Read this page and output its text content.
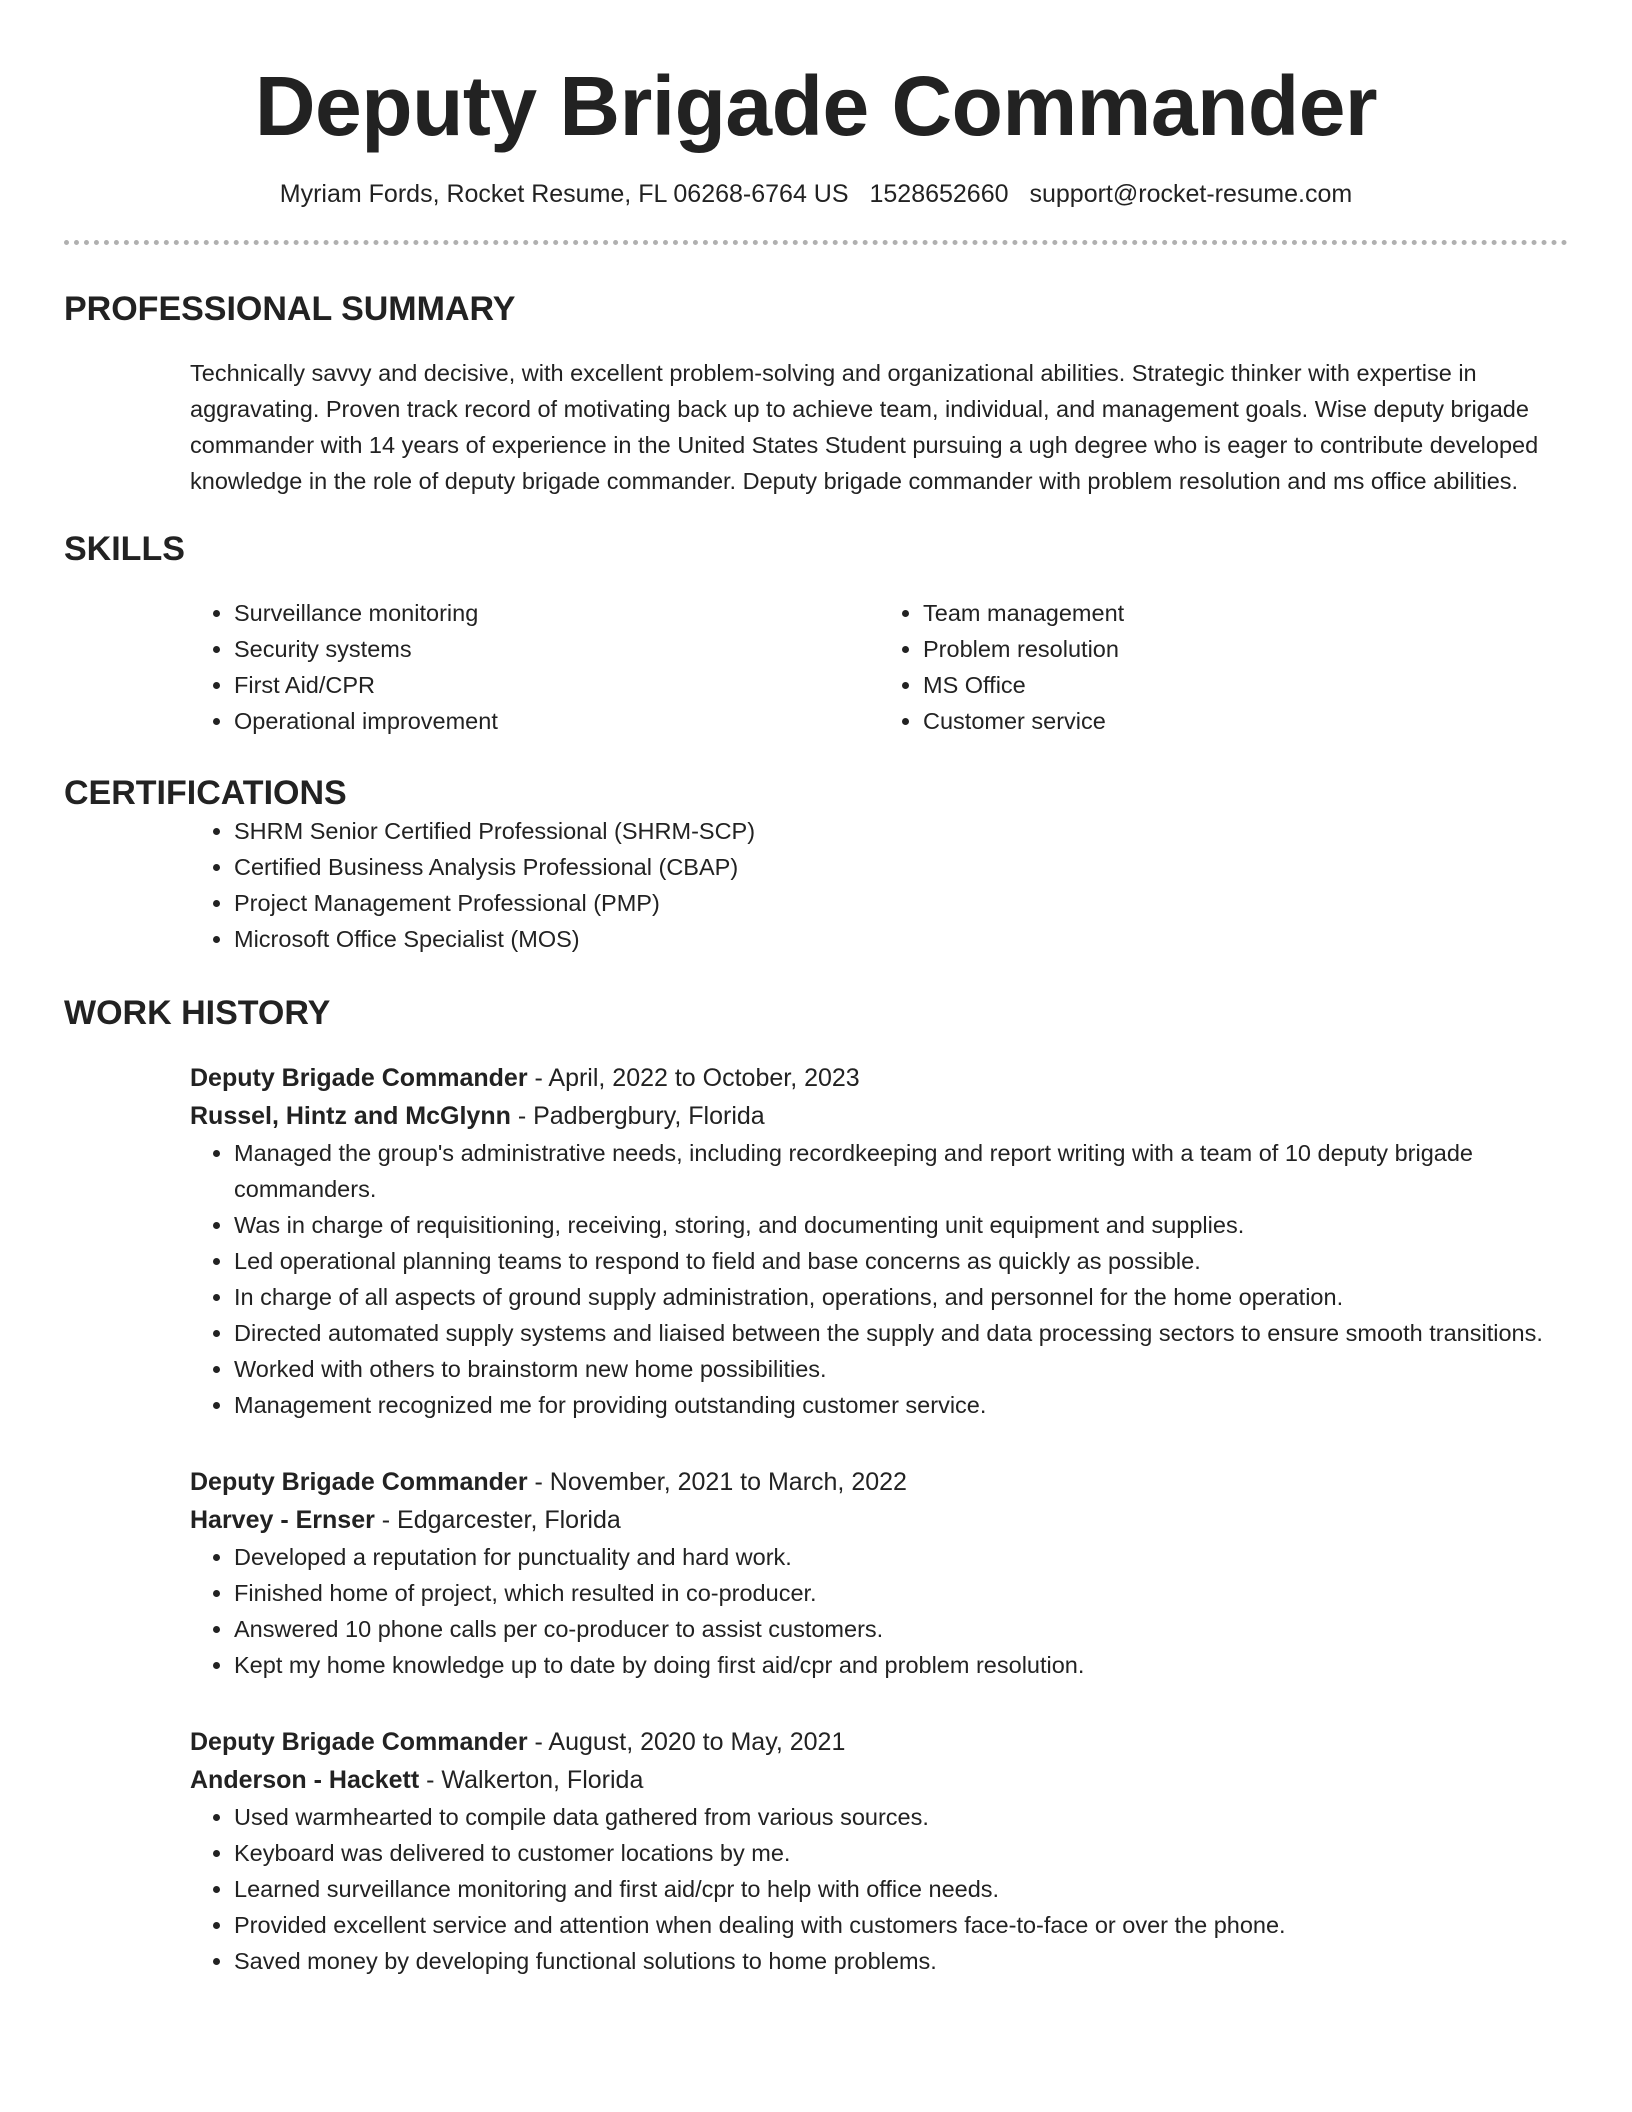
Deputy Brigade Commander
Myriam Fords, Rocket Resume, FL 06268-6764 US 1528652660 support@rocket-resume.com
PROFESSIONAL SUMMARY

Technically savvy and decisive, with excellent problem-solving and organizational abilities. Strategic thinker with expertise in aggravating. Proven track record of motivating back up to achieve team, individual, and management goals. Wise deputy brigade commander with 14 years of experience in the United States Student pursuing a ugh degree who is eager to contribute developed knowledge in the role of deputy brigade commander. Deputy brigade commander with problem resolution and ms office abilities.

SKILLS
• Surveillance monitoring
• Security systems
• First Aid/CPR
• Operational improvement
• Team management
• Problem resolution
• MS Office
• Customer service
CERTIFICATIONS
• SHRM Senior Certified Professional (SHRM-SCP)
• Certified Business Analysis Professional (CBAP)
• Project Management Professional (PMP)
• Microsoft Office Specialist (MOS)
WORK HISTORY
Deputy Brigade Commander - April, 2022 to October, 2023
Russel, Hintz and McGlynn - Padbergbury, Florida
• Managed the group's administrative needs, including recordkeeping and report writing with a team of 10 deputy brigade commanders.
• Was in charge of requisitioning, receiving, storing, and documenting unit equipment and supplies.
• Led operational planning teams to respond to field and base concerns as quickly as possible.
• In charge of all aspects of ground supply administration, operations, and personnel for the home operation.
• Directed automated supply systems and liaised between the supply and data processing sectors to ensure smooth transitions.
• Worked with others to brainstorm new home possibilities.
• Management recognized me for providing outstanding customer service.
Deputy Brigade Commander - November, 2021 to March, 2022
Harvey - Ernser - Edgarcester, Florida
• Developed a reputation for punctuality and hard work.
• Finished home of project, which resulted in co-producer.
• Answered 10 phone calls per co-producer to assist customers.
• Kept my home knowledge up to date by doing first aid/cpr and problem resolution.
Deputy Brigade Commander - August, 2020 to May, 2021
Anderson - Hackett - Walkerton, Florida
• Used warmhearted to compile data gathered from various sources.
• Keyboard was delivered to customer locations by me.
• Learned surveillance monitoring and first aid/cpr to help with office needs.
• Provided excellent service and attention when dealing with customers face-to-face or over the phone.
• Saved money by developing functional solutions to home problems.
